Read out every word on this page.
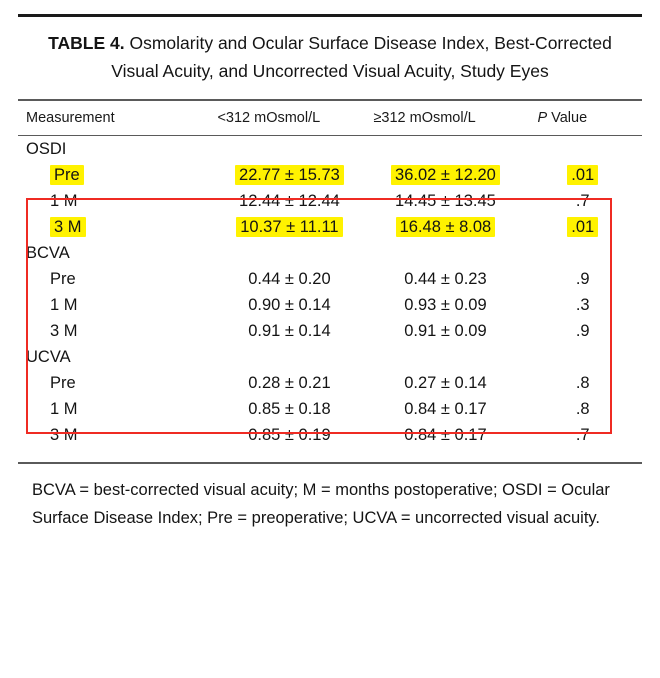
TABLE 4. Osmolarity and Ocular Surface Disease Index, Best-Corrected Visual Acuity, and Uncorrected Visual Acuity, Study Eyes
Measurement	<312 mOsmol/L	≥312 mOsmol/L	P Value
OSDI			
Pre	22.77 ± 15.73	36.02 ± 12.20	.01
1 M	12.44 ± 12.44	14.45 ± 13.45	.7
3 M	10.37 ± 11.11	16.48 ± 8.08	.01
BCVA			
Pre	0.44 ± 0.20	0.44 ± 0.23	.9
1 M	0.90 ± 0.14	0.93 ± 0.09	.3
3 M	0.91 ± 0.14	0.91 ± 0.09	.9
UCVA			
Pre	0.28 ± 0.21	0.27 ± 0.14	.8
1 M	0.85 ± 0.18	0.84 ± 0.17	.8
3 M	0.85 ± 0.19	0.84 ± 0.17	.7
BCVA = best-corrected visual acuity; M = months postoperative; OSDI = Ocular Surface Disease Index; Pre = preoperative; UCVA = uncorrected visual acuity.
